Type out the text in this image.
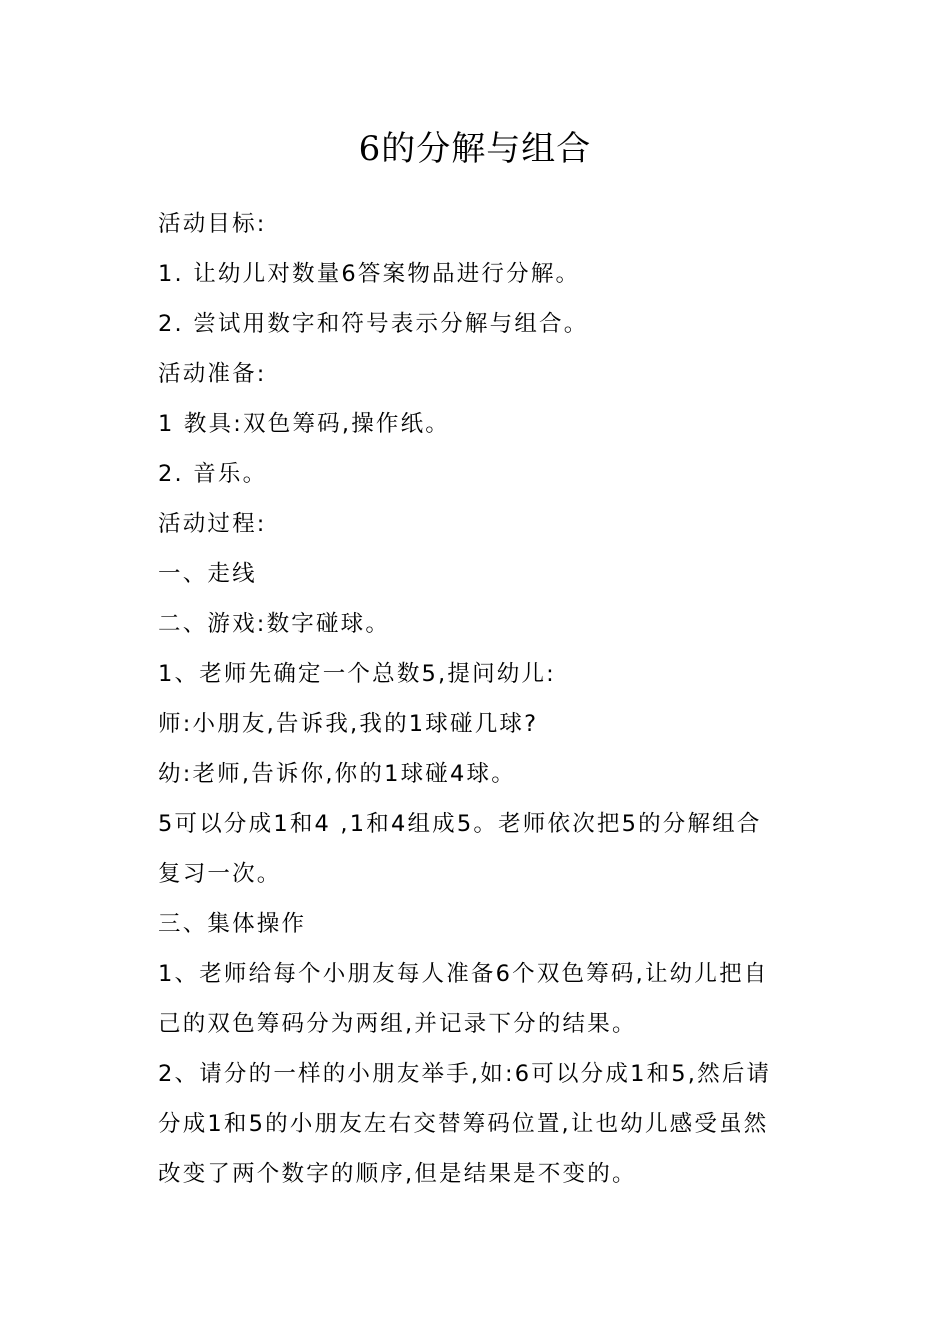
6的分解与组合
活动目标:
1. 让幼儿对数量6答案物品进行分解。
2. 尝试用数字和符号表示分解与组合。
活动准备:
1 教具:双色筹码,操作纸。
2. 音乐。
活动过程:
一、走线
二、游戏:数字碰球。
1、老师先确定一个总数5,提问幼儿:
师:小朋友,告诉我,我的1球碰几球?
幼:老师,告诉你,你的1球碰4球。
5可以分成1和4 ,1和4组成5。老师依次把5的分解组合
复习一次。
三、集体操作
1、老师给每个小朋友每人准备6个双色筹码,让幼儿把自
己的双色筹码分为两组,并记录下分的结果。
2、请分的一样的小朋友举手,如:6可以分成1和5,然后请
分成1和5的小朋友左右交替筹码位置,让也幼儿感受虽然
改变了两个数字的顺序,但是结果是不变的。
